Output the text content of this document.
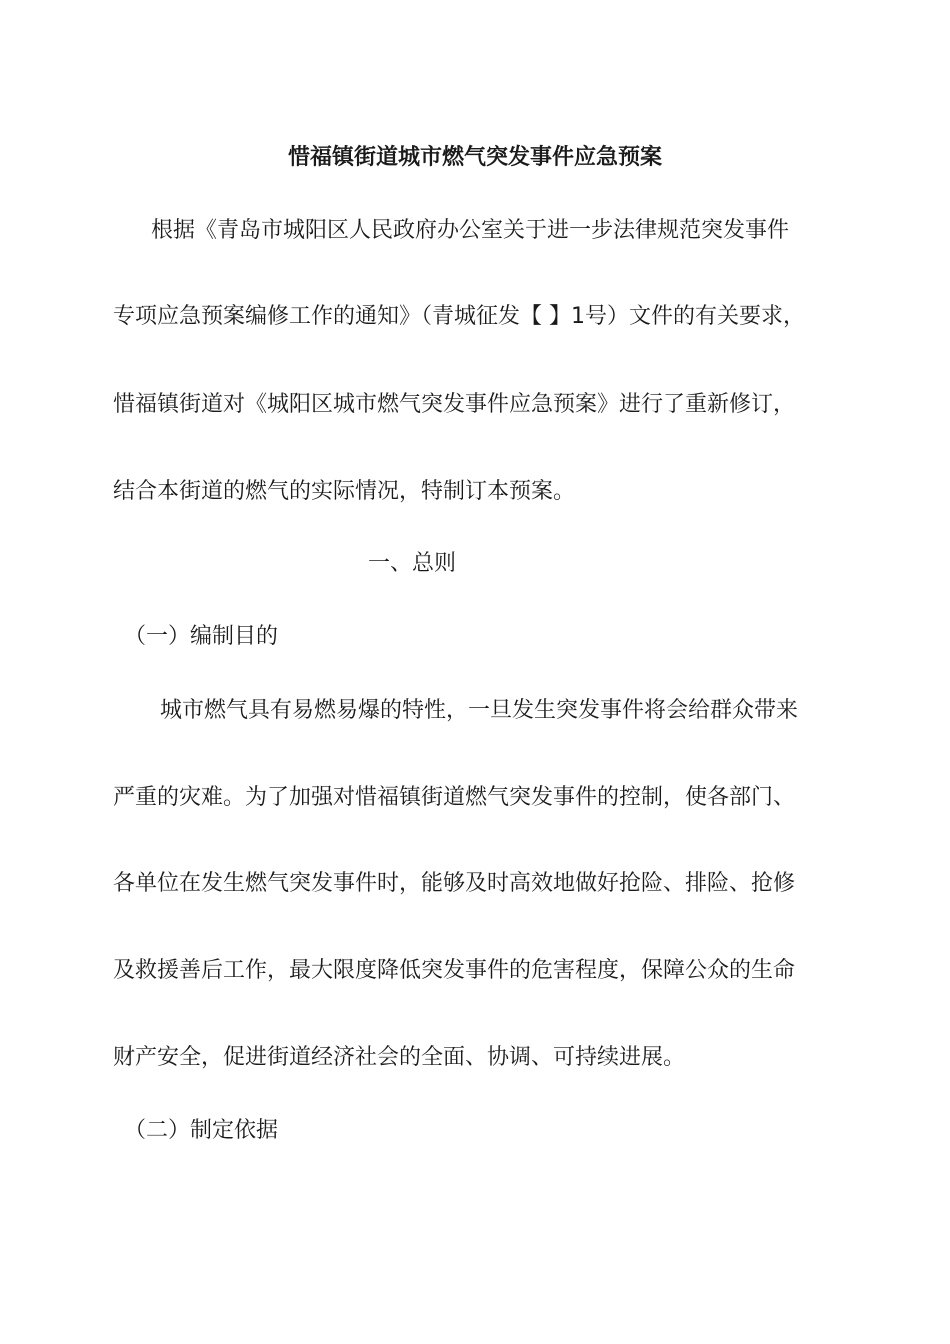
惜福镇街道城市燃气突发事件应急预案
根据《青岛市城阳区人民政府办公室关于进一步法律规范突发事件
专项应急预案编修工作的通知》（青城征发【 】1号）文件的有关要求，
惜福镇街道对《城阳区城市燃气突发事件应急预案》进行了重新修订，
结合本街道的燃气的实际情况，特制订本预案。
一、总则
（一）编制目的
城市燃气具有易燃易爆的特性，一旦发生突发事件将会给群众带来
严重的灾难。为了加强对惜福镇街道燃气突发事件的控制，使各部门、
各单位在发生燃气突发事件时，能够及时高效地做好抢险、排险、抢修
及救援善后工作，最大限度降低突发事件的危害程度，保障公众的生命
财产安全，促进街道经济社会的全面、协调、可持续进展。
（二）制定依据
